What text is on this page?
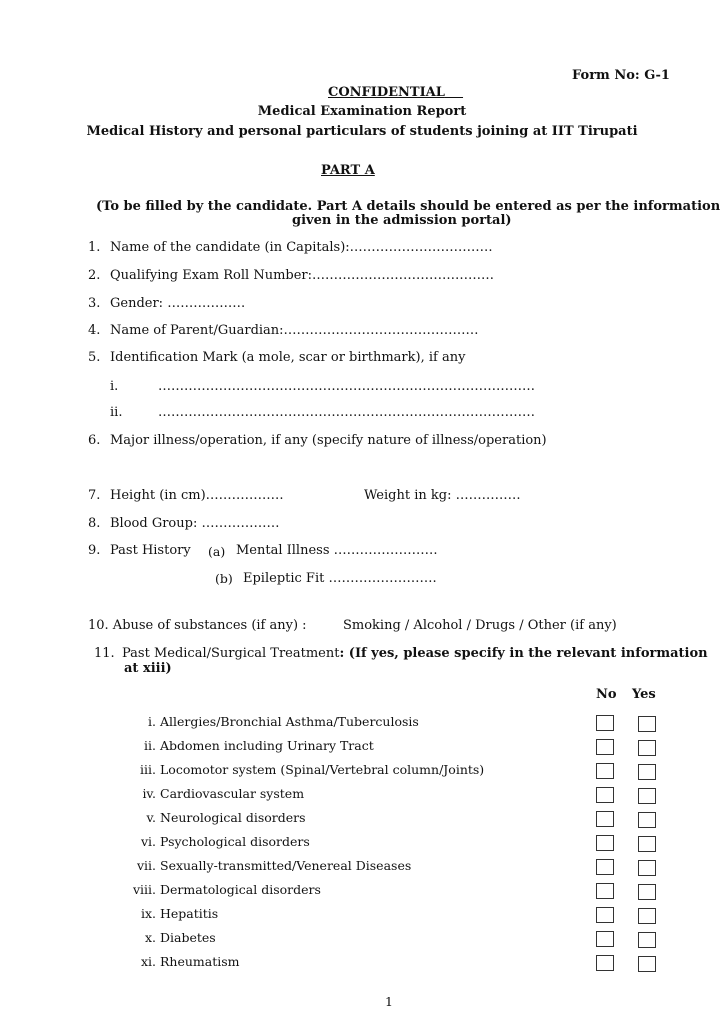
Form No: G-1
CONFIDENTIAL
Medical Examination Report
Medical History and personal particulars of students joining at IIT Tirupati
PART A
(To be filled by the candidate. Part A details should be entered as per the information
given in the admission portal)
1. Name of the candidate (in Capitals):……………………………
2. Qualifying Exam Roll Number:……………………………………
3. Gender: ………………
4. Name of Parent/Guardian:………………………………………
5. Identification Mark (a mole, scar or birthmark), if any
i.	……………………………………………………………………………
ii.	……………………………………………………………………………
6. Major illness/operation, if any (specify nature of illness/operation)
7. Height (in cm)………………	Weight in kg: ……………
8. Blood Group: ………………
9. Past History (a) Mental Illness ……………………
(b) Epileptic Fit …………………….
10. Abuse of substances (if any) :	Smoking / Alcohol / Drugs / Other (if any)
11. Past Medical/Surgical Treatment: (If yes, please specify in the relevant information
at xiii)
No Yes
i. Allergies/Bronchial Asthma/Tuberculosis
ii. Abdomen including Urinary Tract
iii. Locomotor system (Spinal/Vertebral column/Joints)
iv. Cardiovascular system
v. Neurological disorders
vi. Psychological disorders
vii. Sexually-transmitted/Venereal Diseases
viii. Dermatological disorders
ix. Hepatitis
x. Diabetes
xi. Rheumatism
1
